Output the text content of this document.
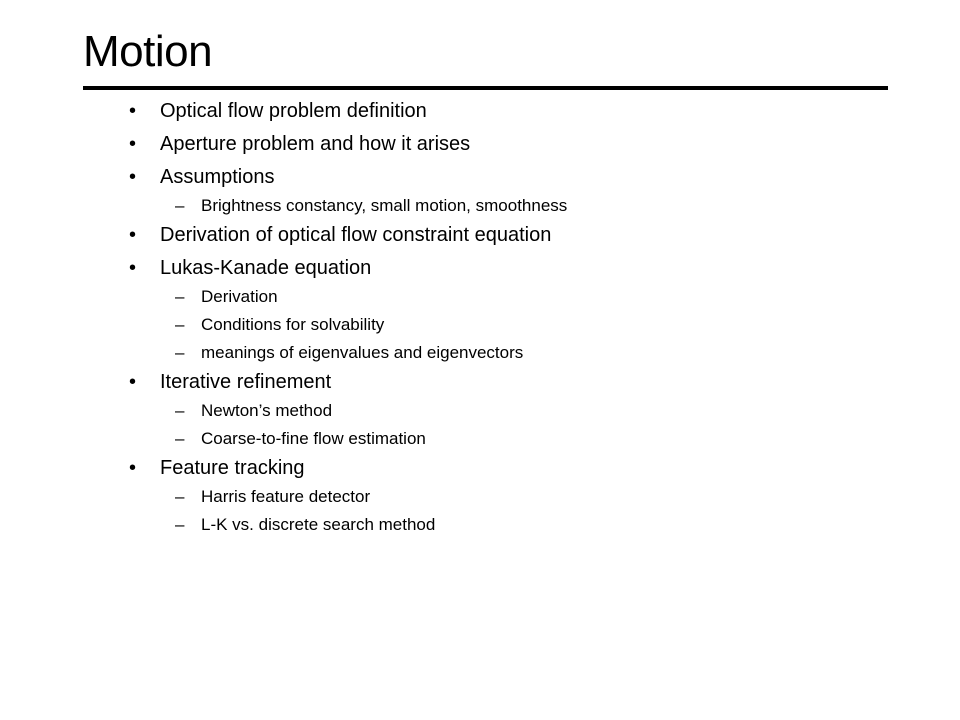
Motion
• Optical flow problem definition
• Aperture problem and how it arises
• Assumptions
– Brightness constancy, small motion, smoothness
• Derivation of optical flow constraint equation
• Lukas-Kanade equation
– Derivation
– Conditions for solvability
– meanings of eigenvalues and eigenvectors
• Iterative refinement
– Newton’s method
– Coarse-to-fine flow estimation
• Feature tracking
– Harris feature detector
– L-K vs. discrete search method
